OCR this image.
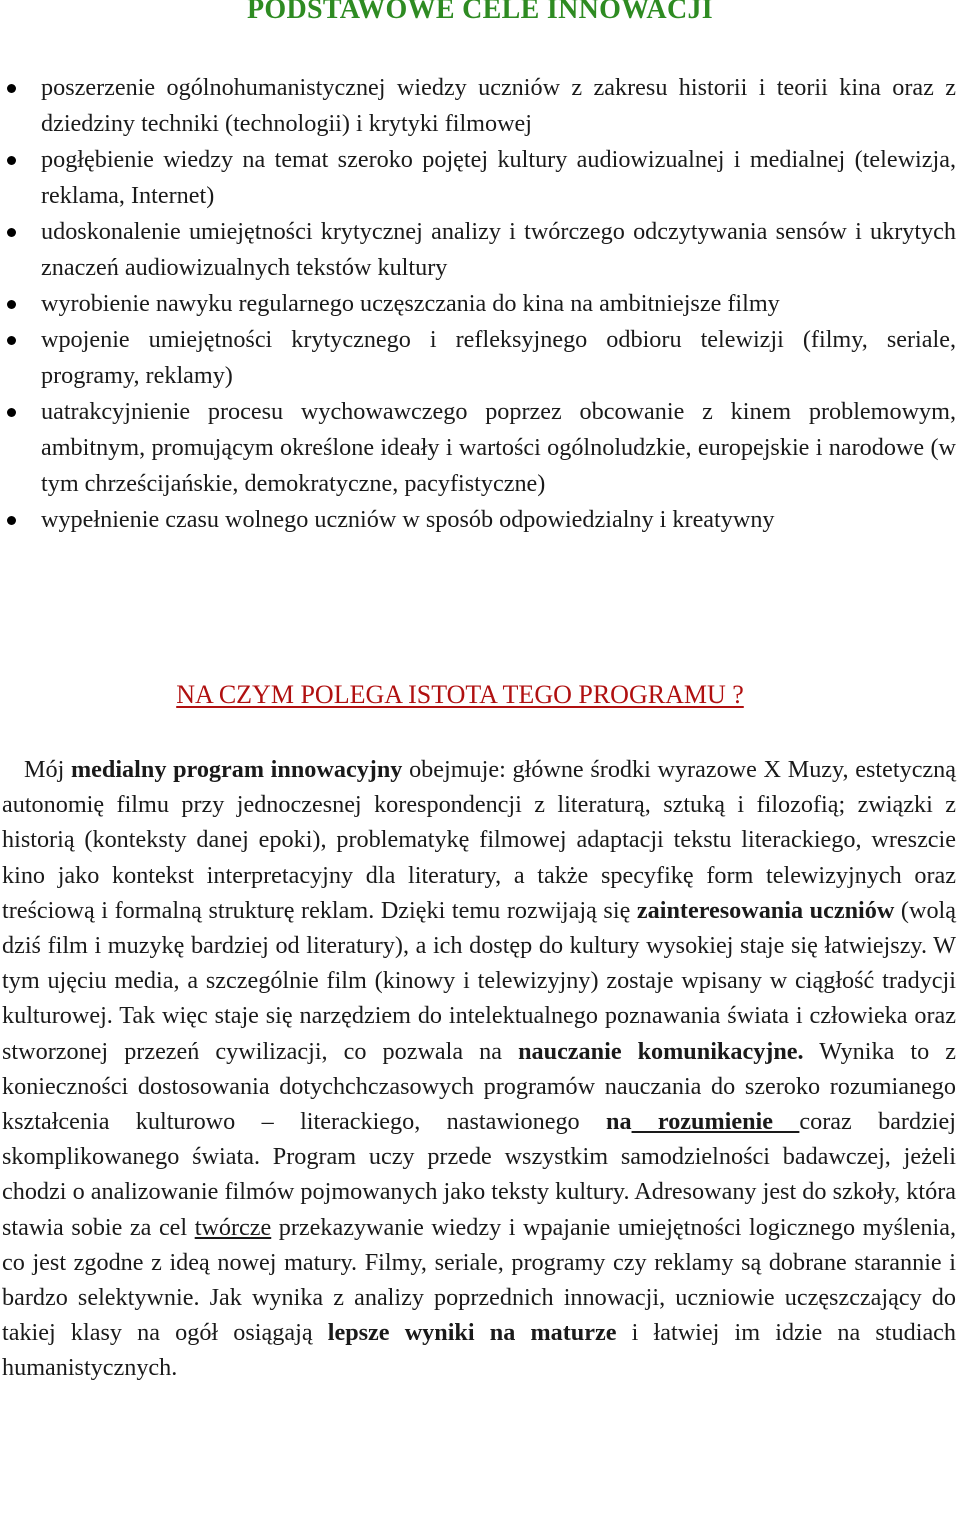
PODSTAWOWE CELE INNOWACJI
poszerzenie ogólnohumanistycznej wiedzy uczniów z zakresu historii i teorii kina oraz z dziedziny techniki (technologii) i krytyki filmowej
pogłębienie wiedzy na temat szeroko pojętej kultury audiowizualnej i medialnej (telewizja, reklama, Internet)
udoskonalenie umiejętności krytycznej analizy i twórczego odczytywania sensów i ukrytych znaczeń audiowizualnych tekstów kultury
wyrobienie nawyku regularnego uczęszczania do kina na ambitniejsze filmy
wpojenie umiejętności krytycznego i refleksyjnego odbioru telewizji (filmy, seriale, programy, reklamy)
uatrakcyjnienie procesu wychowawczego poprzez obcowanie z kinem problemowym, ambitnym, promującym określone ideały i wartości ogólnoludzkie, europejskie i narodowe (w tym chrześcijańskie, demokratyczne, pacyfistyczne)
wypełnienie czasu wolnego uczniów w sposób odpowiedzialny i kreatywny
NA CZYM POLEGA ISTOTA TEGO PROGRAMU ?

Mój medialny program innowacyjny obejmuje: główne środki wyrazowe X Muzy, estetyczną autonomię filmu przy jednoczesnej korespondencji z literaturą, sztuką i filozofią; związki z historią (konteksty danej epoki), problematykę filmowej adaptacji tekstu literackiego, wreszcie kino jako kontekst interpretacyjny dla literatury, a także specyfikę form telewizyjnych oraz treściową i formalną strukturę reklam. Dzięki temu rozwijają się zainteresowania uczniów (wolą dziś film i muzykę bardziej od literatury), a ich dostęp do kultury wysokiej staje się łatwiejszy. W tym ujęciu media, a szczególnie film (kinowy i telewizyjny) zostaje wpisany w ciągłość tradycji kulturowej. Tak więc staje się narzędziem do intelektualnego poznawania świata i człowieka oraz stworzonej przezeń cywilizacji, co pozwala na nauczanie komunikacyjne. Wynika to z konieczności dostosowania dotychchczasowych programów nauczania do szeroko rozumianego kształcenia kulturowo – literackiego, nastawionego na rozumienie coraz bardziej skomplikowanego świata. Program uczy przede wszystkim samodzielności badawczej, jeżeli chodzi o analizowanie filmów pojmowanych jako teksty kultury. Adresowany jest do szkoły, która stawia sobie za cel twórcze przekazywanie wiedzy i wpajanie umiejętności logicznego myślenia, co jest zgodne z ideą nowej matury. Filmy, seriale, programy czy reklamy są dobrane starannie i bardzo selektywnie. Jak wynika z analizy poprzednich innowacji, uczniowie uczęszczający do takiej klasy na ogół osiągają lepsze wyniki na maturze i łatwiej im idzie na studiach humanistycznych.
